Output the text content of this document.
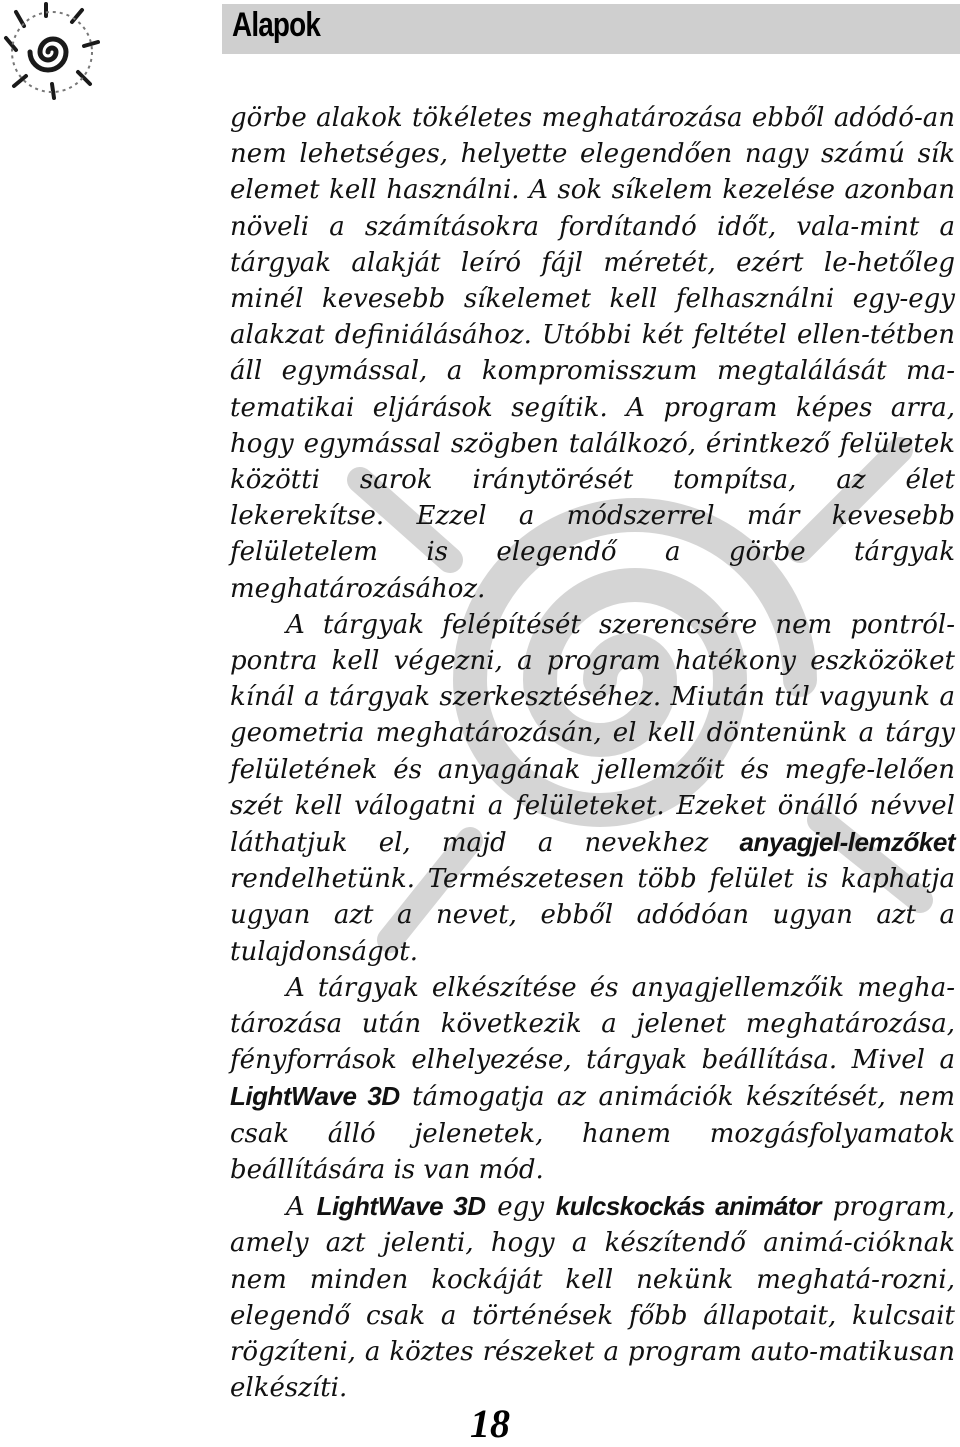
Alapok

görbe alakok tökéletes meghatározása ebből adódó-an nem lehetséges, helyette elegendően nagy számú sík elemet kell használni. A sok síkelem kezelése azonban növeli a számításokra fordítandó időt, vala-mint a tárgyak alakját leíró fájl méretét, ezért le-hetőleg minél kevesebb síkelemet kell felhasználni egy-egy alakzat definiálásához. Utóbbi két feltétel ellen-tétben áll egymással, a kompromisszum megtalálását ma-tematikai eljárások segítik. A program képes arra, hogy egymással szögben találkozó, érintkező felületek közötti sarok iránytörését tompítsa, az élet lekerekítse. Ezzel a módszerrel már kevesebb felületelem is elegendő a görbe tárgyak meghatározásához.

A tárgyak felépítését szerencsére nem pontról-pontra kell végezni, a program hatékony eszközöket kínál a tárgyak szerkesztéséhez. Miután túl vagyunk a geometria meghatározásán, el kell döntenünk a tárgy felületének és anyagának jellemzőit és megfe-lelően szét kell válogatni a felületeket. Ezeket önálló névvel láthatjuk el, majd a nevekhez anyagjel-lemzőket rendelhetünk. Természetesen több felület is kaphatja ugyan azt a nevet, ebből adódóan ugyan azt a tulajdonságot.

A tárgyak elkészítése és anyagjellemzőik megha-tározása után következik a jelenet meghatározása, fényforrások elhelyezése, tárgyak beállítása. Mivel a LightWave 3D támogatja az animációk készítését, nem csak álló jelenetek, hanem mozgásfolyamatok beállítására is van mód.

A LightWave 3D egy kulcskockás animátor program, amely azt jelenti, hogy a készítendő animá-cióknak nem minden kockáját kell nekünk meghatá-rozni, elegendő csak a történések főbb állapotait, kulcsait rögzíteni, a köztes részeket a program auto-matikusan elkészíti.

18
